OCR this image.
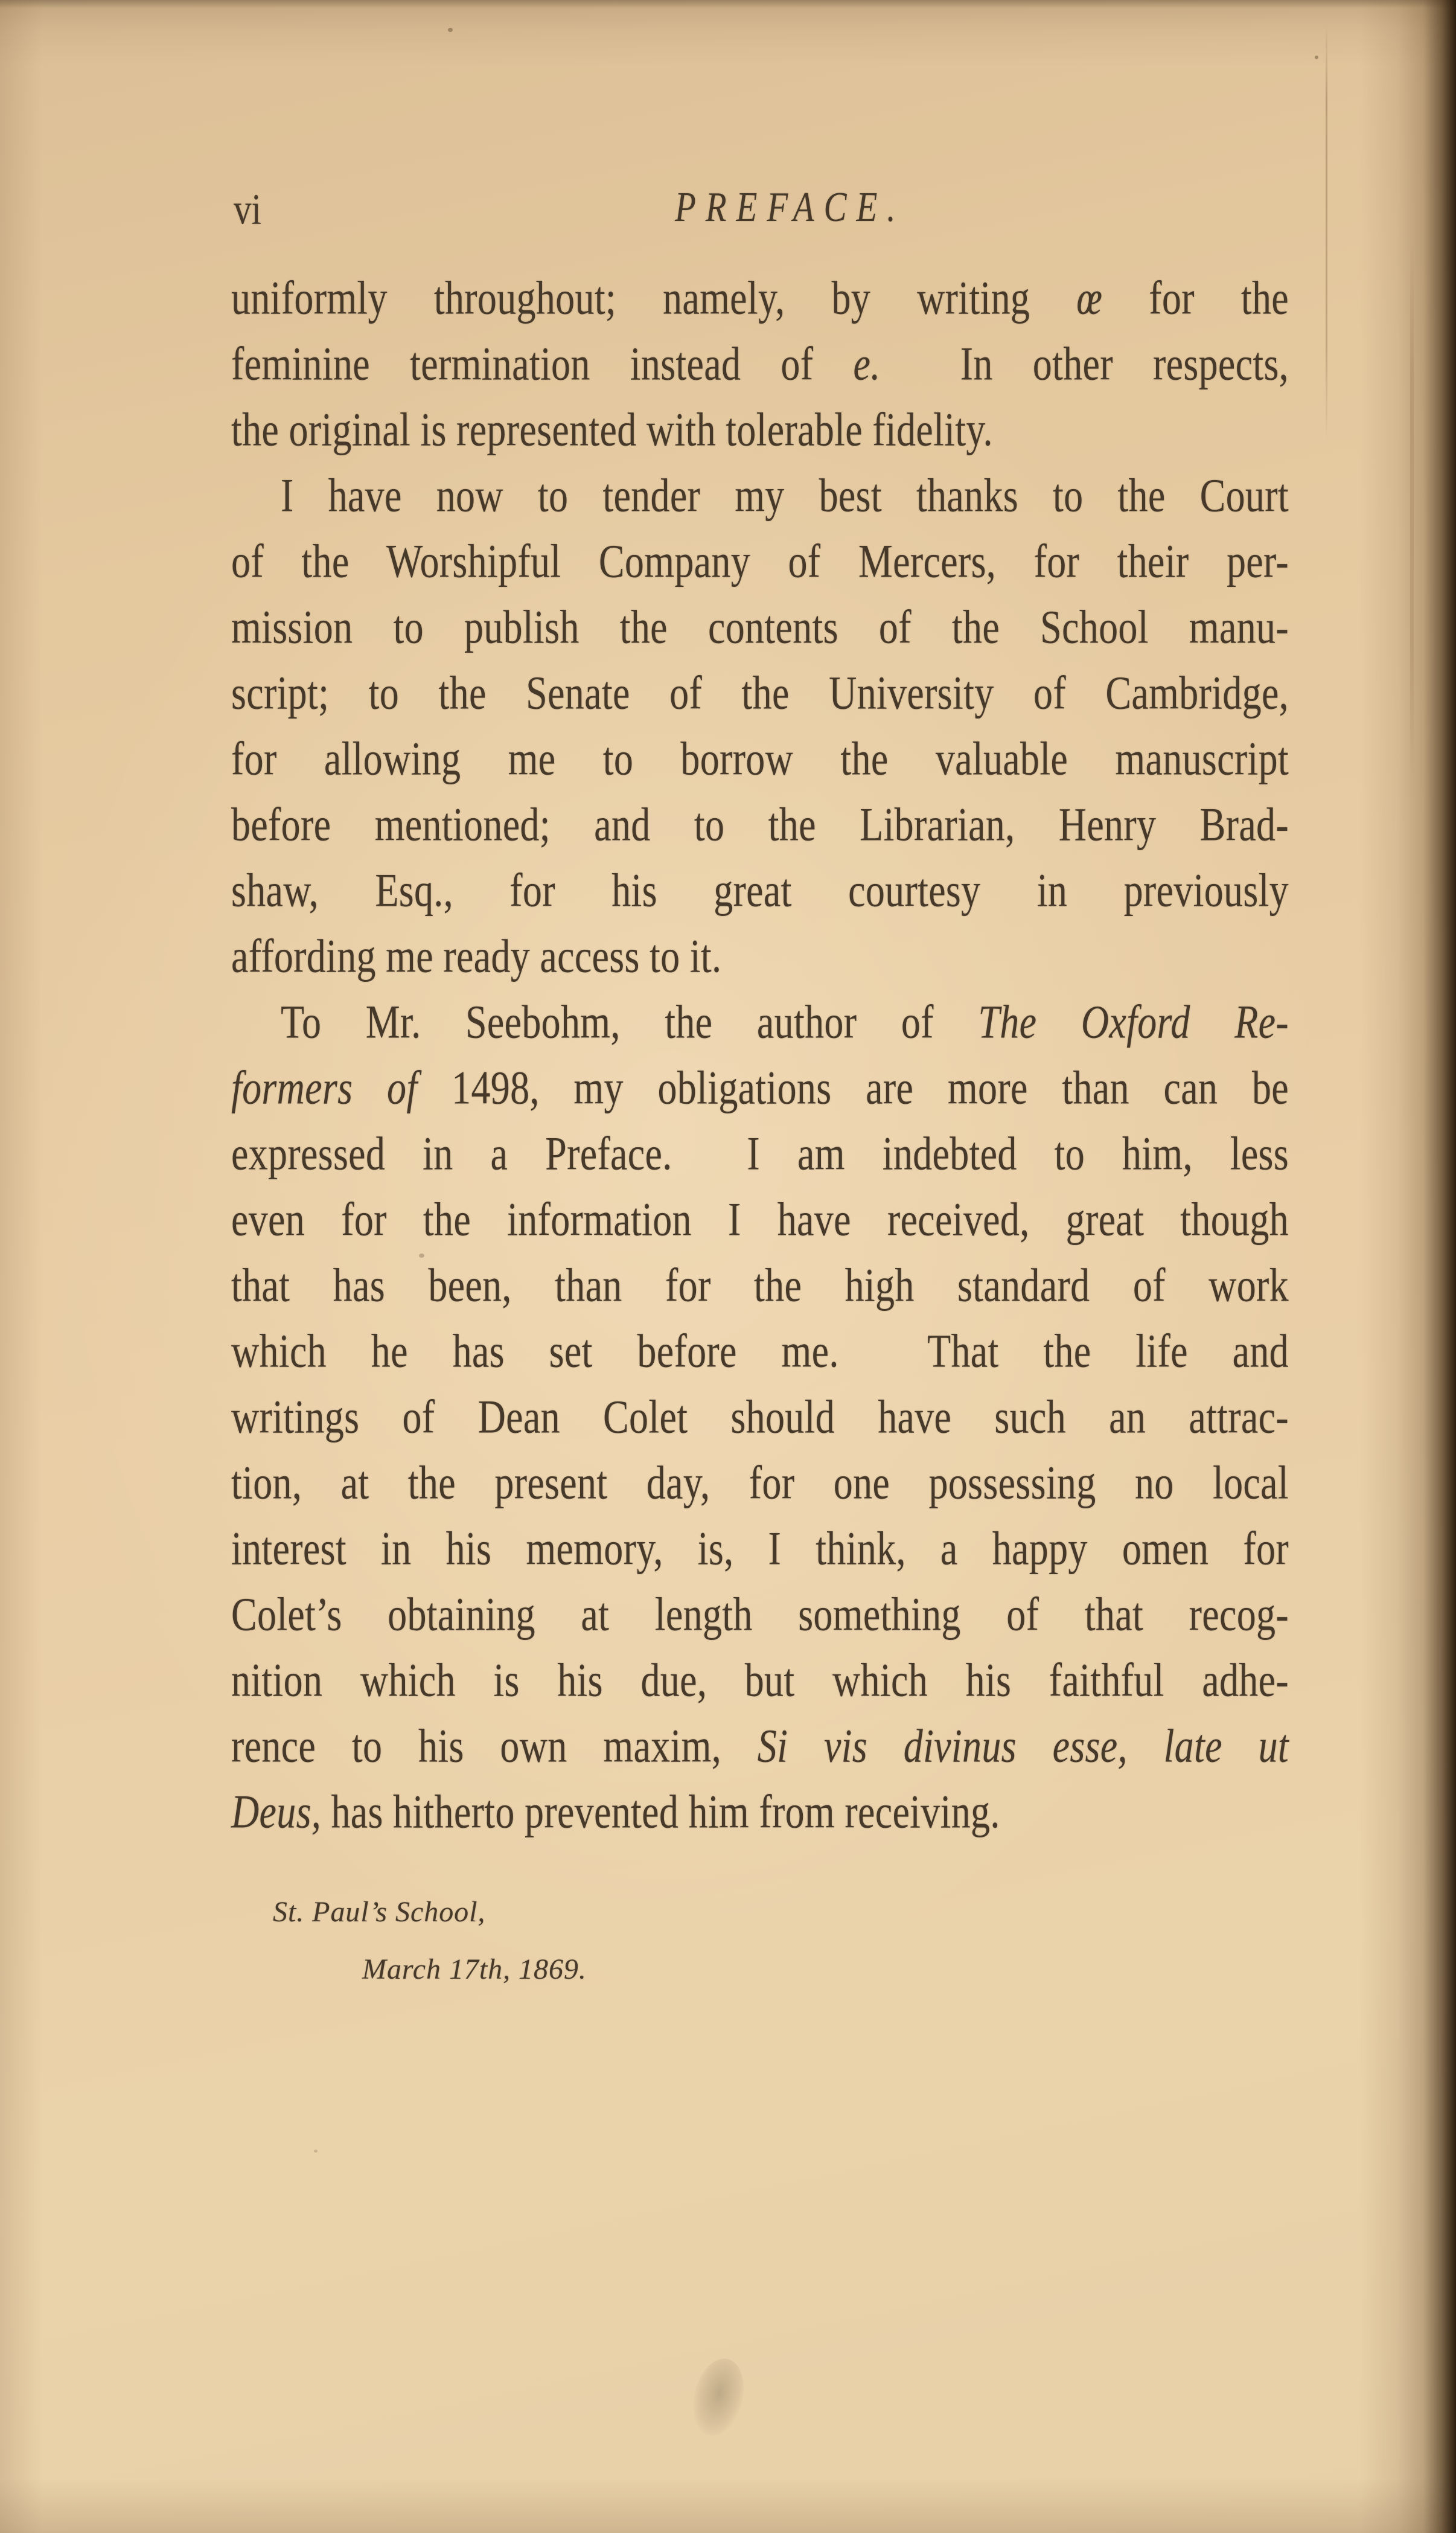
vi	PREFACE.
uniformly throughout; namely, by writing œ for the
feminine termination instead of e.  In other respects,
the original is represented with tolerable fidelity.
I have now to tender my best thanks to the Court
of the Worshipful Company of Mercers, for their per-
mission to publish the contents of the School manu-
script; to the Senate of the University of Cambridge,
for allowing me to borrow the valuable manuscript
before mentioned; and to the Librarian, Henry Brad-
shaw, Esq., for his great courtesy in previously
affording me ready access to it.
To Mr. Seebohm, the author of The Oxford Re-
formers of 1498, my obligations are more than can be
expressed in a Preface.  I am indebted to him, less
even for the information I have received, great though
that has been, than for the high standard of work
which he has set before me.  That the life and
writings of Dean Colet should have such an attrac-
tion, at the present day, for one possessing no local
interest in his memory, is, I think, a happy omen for
Colet’s obtaining at length something of that recog-
nition which is his due, but which his faithful adhe-
rence to his own maxim, Si vis divinus esse, late ut
Deus, has hitherto prevented him from receiving.
St. Paul’s School,
March 17th, 1869.
